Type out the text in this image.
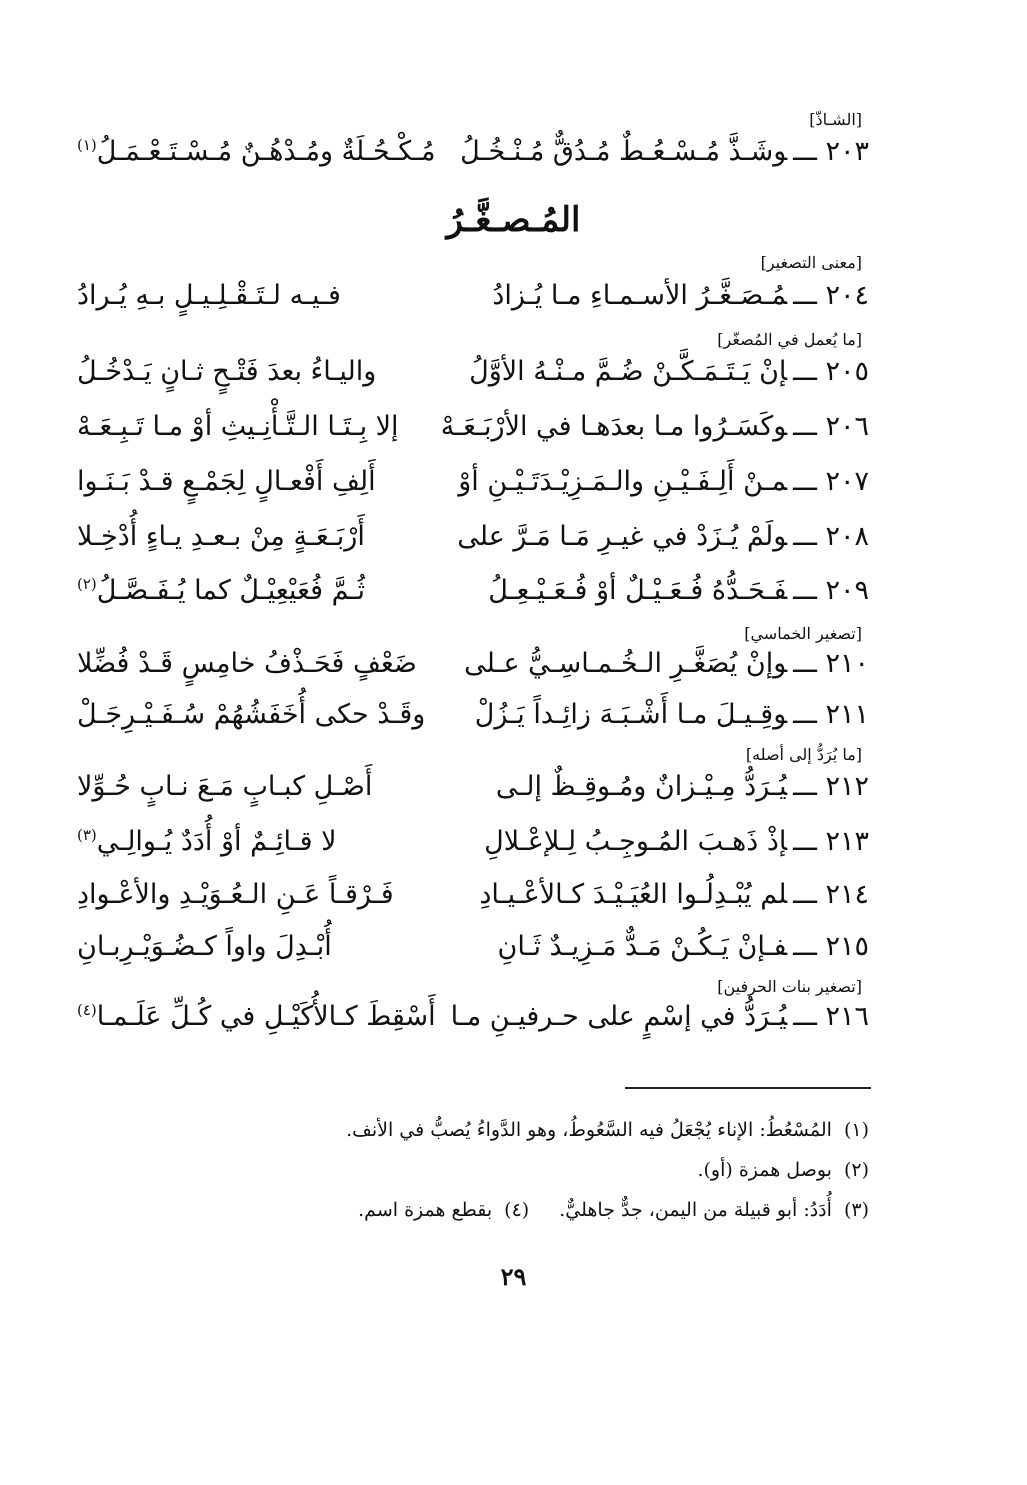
[الشـاذّ]
٢٠٣ ـــوشَـذَّ مُـسْـعُـطٌ مُـدُقٌّ مُـنْـخُـلُ
مُـكْـحُـلَةٌ ومُـدْهُـنٌ مُـسْـتَـعْـمَـلُ$^{(١)}$
المُـصـغَّـرُ
[معنى التصغير]
٢٠٤ ـــمُـصَـغَّـرُ الأسـمـاءِ مـا يُـزادُ
فـيـه لـتَـقْـلِـيـلٍ بـهِ يُـرادُ
[ما يُعمل في المُصغّر]
٢٠٥ ـــإنْ يَـتَـمَـكَّـنْ ضُـمَّ مـنْـهُ الأوَّلُ
واليـاءُ بعدَ فَتْـحٍ ثـانٍ يَـدْخُـلُ
٢٠٦ ـــوكَسَـرُوا مـا بعدَهـا في الأرْبَـعَـهْ
إلا بِـتَـا الـتَّـأْنِـيثِ أوْ مـا تَـبِـعَـهْ
٢٠٧ ـــمـنْ أَلِـفَـيْـنِ والـمَـزِيْـدَتَـيْـنِ أوْ
أَلِفِ أَفْعـالٍ لِجَمْـعٍ قـدْ بَـنَـوا
٢٠٨ ـــولَمْ يُـزَدْ في غيـرِ مَـا مَـرَّ على
أَرْبَـعَـةٍ مِنْ بـعـدِ يـاءٍ أُدْخِـلا
٢٠٩ ـــفَـحَـدُّهُ فُـعَـيْـلٌ أوْ فُـعَـيْـعِـلُ
ثُـمَّ فُعَيْعِيْـلٌ كما يُـفَـصَّـلُ$^{(٢)}$
[تصغير الخماسي]
٢١٠ ـــوإنْ يُصَغَّـرِ الـخُـمـاسِـيُّ عـلى
ضَعْفٍ فَحَـذْفُ خامِسٍ قَـدْ فُضِّلا
٢١١ ـــوقِـيـلَ مـا أَشْـبَـهَ زائِـداً يَـزُلْ
وقَـدْ حكى أُخَفَشُهُمْ سُـفَـيْـرِجَـلْ
[ما يُرَدُّ إلى أصله]
٢١٢ ـــيُـرَدُّ مِـيْـزانٌ ومُـوقِـظٌ إلـى
أَصْـلِ كبـابٍ مَـعَ نـابٍ حُـوِّلا
٢١٣ ـــإذْ ذَهـبَ المُـوجِـبُ لِـلإعْـلالِ
لا قـائِـمٌ أوْ أُدَدٌ يُـوالِـي$^{(٣)}$
٢١٤ ـــلم يُبْـدِلُـوا العُيَـيْـدَ كـالأعْـيـادِ
فَـرْقـاً عَـنِ الـعُـوَيْـدِ والأعْـوادِ
٢١٥ ـــفـإنْ يَـكُـنْ مَـدٌّ مَـزِيـدٌ ثَـانِ
أُبْـدِلَ واواً كـضُـوَيْـرِبـانِ
[تصغير بنات الحرفين]
٢١٦ ـــيُـرَدُّ في إسْمٍ على حـرفيـنِ مـا
أَسْقِطَ كـالأُكَيْـلِ في كُـلِّ عَلَـمـا$^{(٤)}$
(١)المُسْعُطُ: الإناء يُجْعَلُ فيه السَّعُوطُ، وهو الدَّواءُ يُصبُّ في الأنف.
(٢)بوصل همزة (أو).
(٣)أُدَدُ: أبو قبيلة من اليمن، جدٌّ جاهليٌّ.(٤)بقطع همزة اسم.
٢٩
